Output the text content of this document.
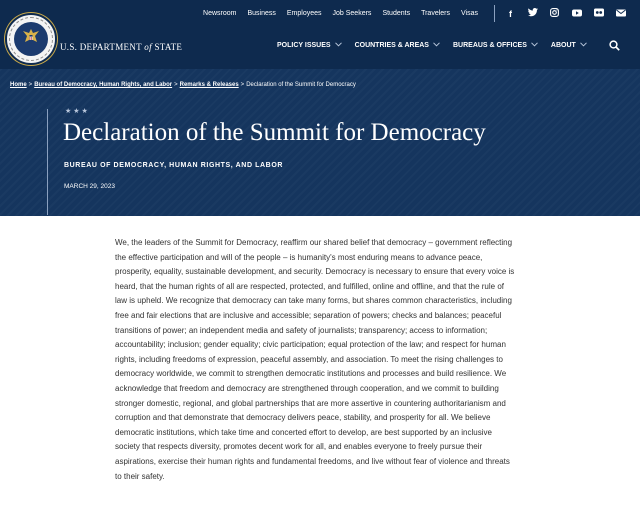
Newsroom Business Employees Job Seekers Students Travelers Visas	f
U.S. DEPARTMENT of STATE	POLICY ISSUES	COUNTRIES & AREAS	BUREAUS & OFFICES	ABOUT
Home > Bureau of Democracy, Human Rights, and Labor > Remarks & Releases > Declaration of the Summit for Democracy
★★★
Declaration of the Summit for Democracy
BUREAU OF DEMOCRACY, HUMAN RIGHTS, AND LABOR
MARCH 29, 2023

We, the leaders of the Summit for Democracy, reaffirm our shared belief that democracy – government reflecting the effective participation and will of the people – is humanity's most enduring means to advance peace, prosperity, equality, sustainable development, and security. Democracy is necessary to ensure that every voice is heard, that the human rights of all are respected, protected, and fulfilled, online and offline, and that the rule of law is upheld. We recognize that democracy can take many forms, but shares common characteristics, including free and fair elections that are inclusive and accessible; separation of powers; checks and balances; peaceful transitions of power; an independent media and safety of journalists; transparency; access to information; accountability; inclusion; gender equality; civic participation; equal protection of the law; and respect for human rights, including freedoms of expression, peaceful assembly, and association. To meet the rising challenges to democracy worldwide, we commit to strengthen democratic institutions and processes and build resilience. We acknowledge that freedom and democracy are strengthened through cooperation, and we commit to building stronger domestic, regional, and global partnerships that are more assertive in countering authoritarianism and corruption and that demonstrate that democracy delivers peace, stability, and prosperity for all. We believe democratic institutions, which take time and concerted effort to develop, are best supported by an inclusive society that respects diversity, promotes decent work for all, and enables everyone to freely pursue their aspirations, exercise their human rights and fundamental freedoms, and live without fear of violence and threats to their safety.
